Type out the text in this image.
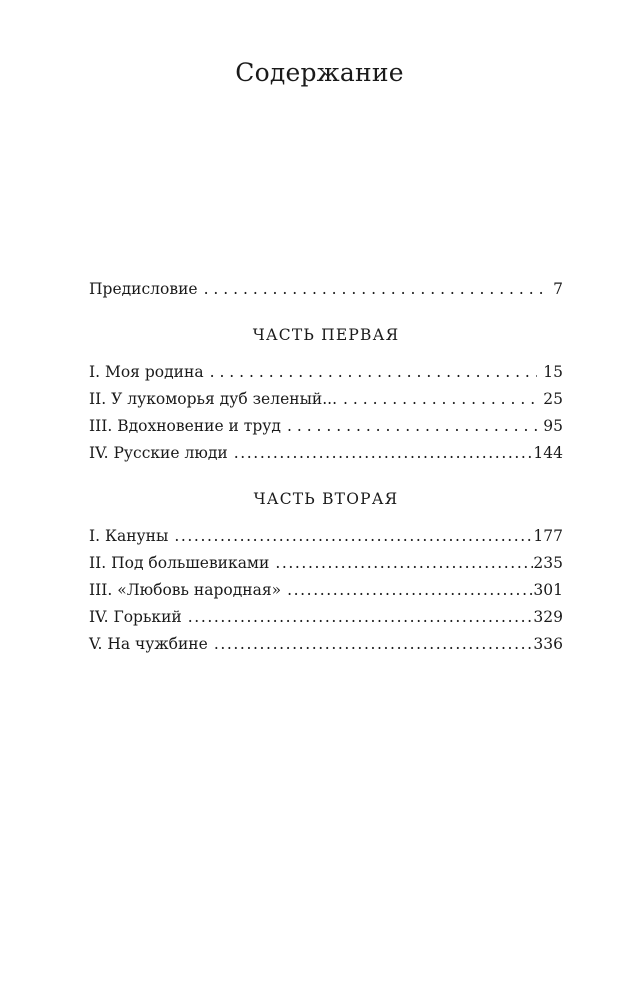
Содержание
Предисловие . . .	7
ЧАСТЬ ПЕРВАЯ
I. Моя родина . . .	15
II. У лукоморья дуб зеленый... . . .	25
III. Вдохновение и труд . . .	95
IV. Русские люди .....	144
ЧАСТЬ ВТОРАЯ
I. Кануны .....	177
II. Под большевиками .....	235
III. «Любовь народная» .....	301
IV. Горький .....	329
V. На чужбине .....	336
